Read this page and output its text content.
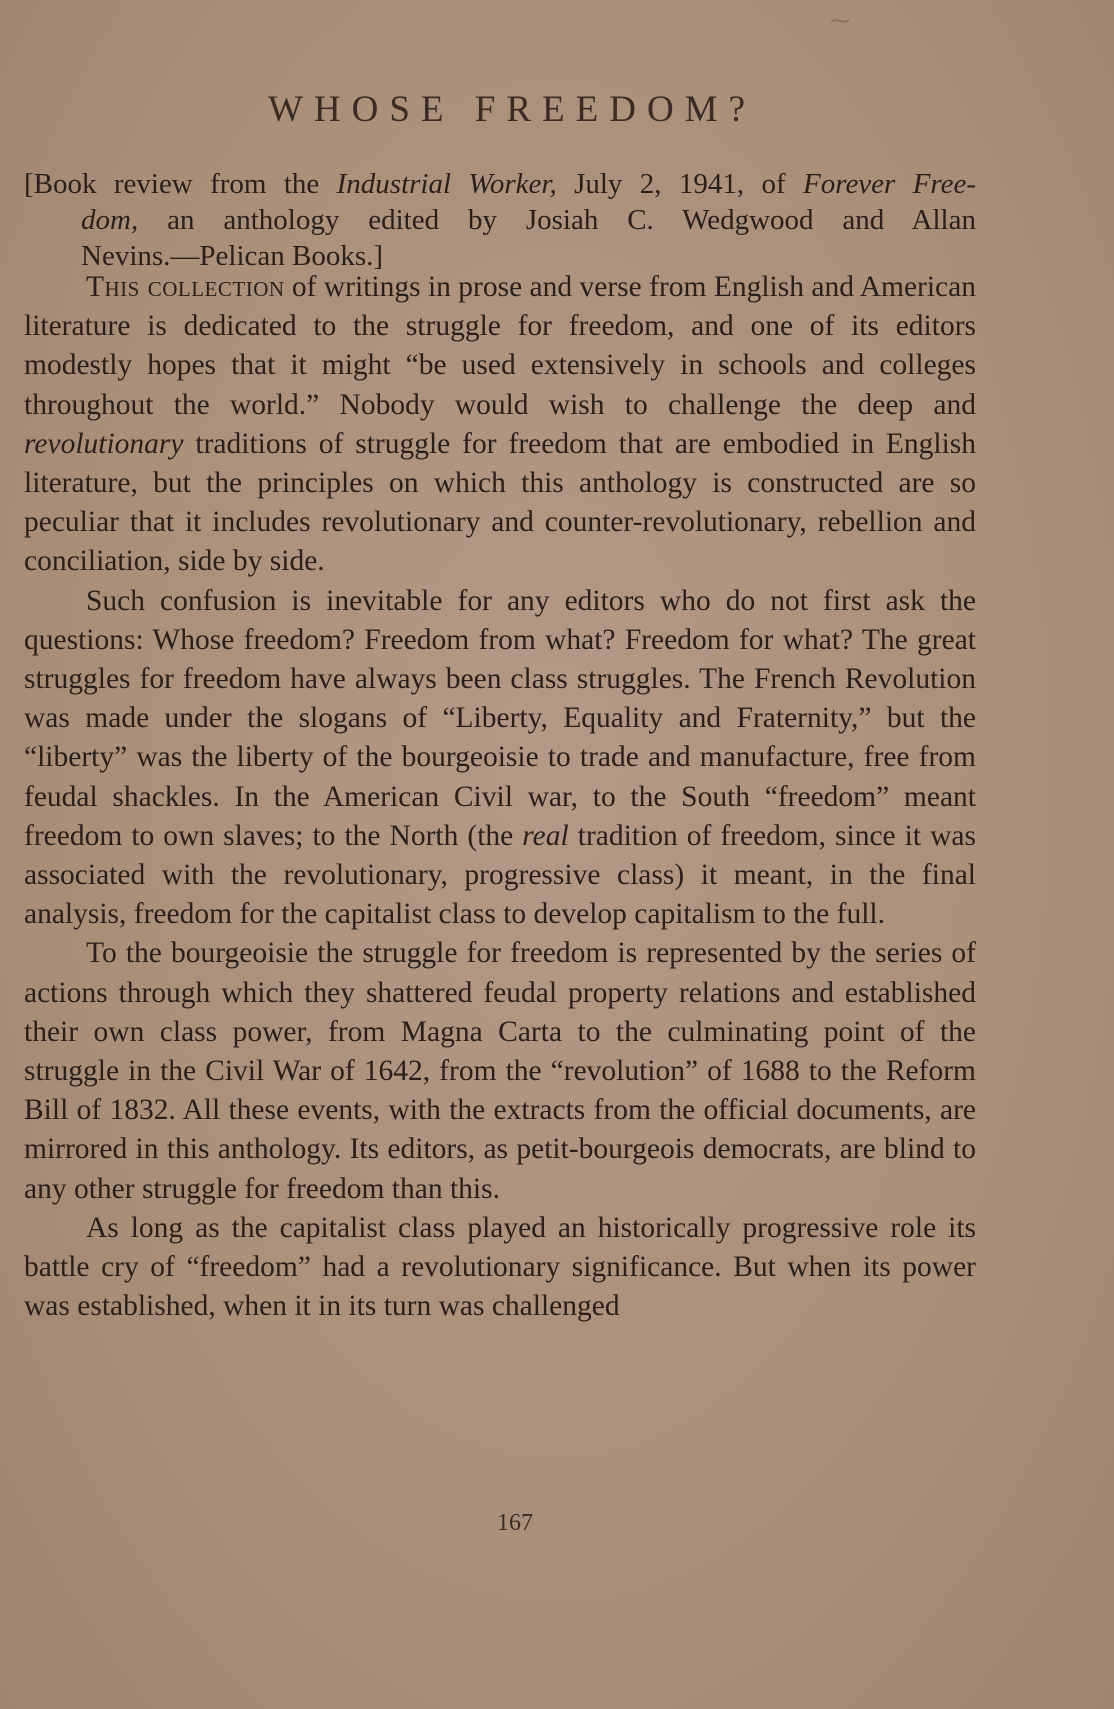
⁓
WHOSE FREEDOM?
[Book review from the Industrial Worker, July 2, 1941, of Forever Free-
dom, an anthology edited by Josiah C. Wedgwood and Allan
Nevins.—Pelican Books.]

This collection of writings in prose and verse from English and American literature is dedicated to the struggle for freedom, and one of its editors modestly hopes that it might “be used extensively in schools and colleges throughout the world.” Nobody would wish to challenge the deep and revolutionary traditions of struggle for freedom that are embodied in English literature, but the principles on which this anthology is constructed are so peculiar that it includes revolutionary and counter-revolutionary, rebellion and conciliation, side by side.

Such confusion is inevitable for any editors who do not first ask the questions: Whose freedom? Freedom from what? Freedom for what? The great struggles for freedom have always been class struggles. The French Revolution was made under the slogans of “Liberty, Equality and Fraternity,” but the “liberty” was the liberty of the bourgeoisie to trade and manufacture, free from feudal shackles. In the American Civil war, to the South “freedom” meant freedom to own slaves; to the North (the real tradition of freedom, since it was associated with the revolutionary, progressive class) it meant, in the final analysis, freedom for the capitalist class to develop capitalism to the full.

To the bourgeoisie the struggle for freedom is represented by the series of actions through which they shattered feudal property relations and established their own class power, from Magna Carta to the culminating point of the struggle in the Civil War of 1642, from the “revolution” of 1688 to the Reform Bill of 1832. All these events, with the extracts from the official documents, are mirrored in this anthology. Its editors, as petit-bourgeois democrats, are blind to any other struggle for freedom than this.

As long as the capitalist class played an historically progressive role its battle cry of “freedom” had a revolutionary significance. But when its power was established, when it in its turn was challenged

167
